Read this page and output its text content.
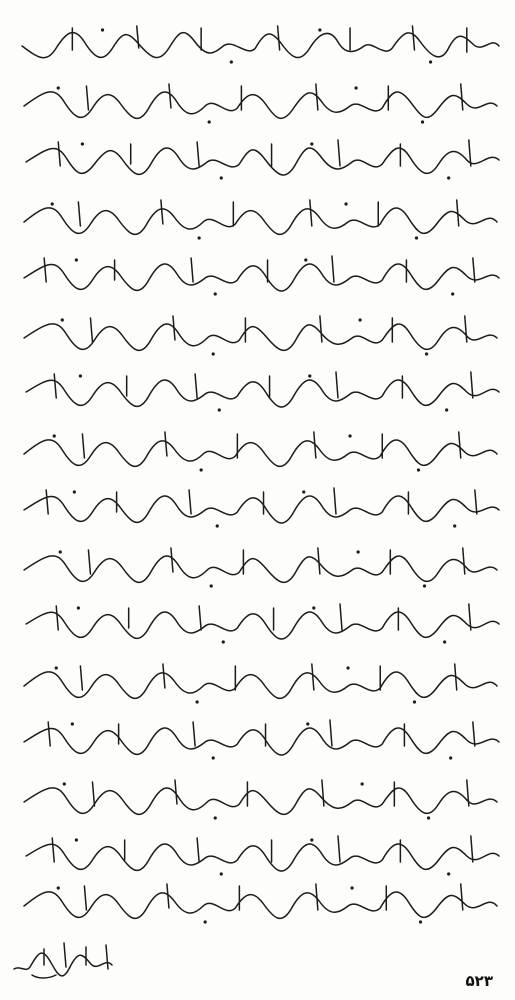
۵۲۳
